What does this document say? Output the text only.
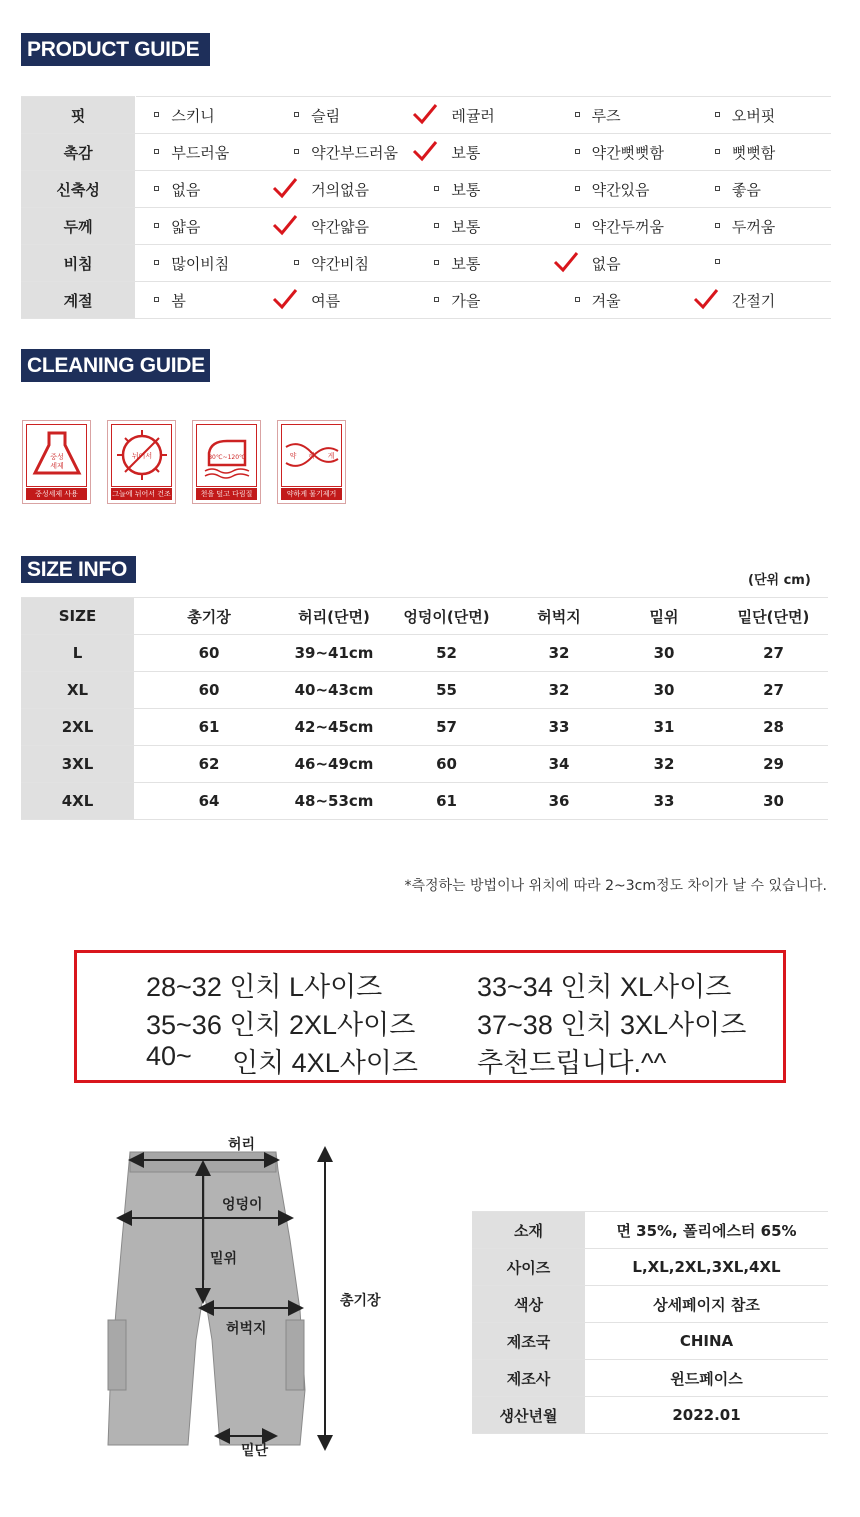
PRODUCT GUIDE
핏	스키니	슬림	레귤러	루즈	오버핏
촉감	부드러움	약간부드러움	보통	약간뻣뻣함	뻣뻣함
신축성	없음	거의없음	보통	약간있음	좋음
두께	얇음	약간얇음	보통	약간두꺼움	두꺼움
비침	많이비침	약간비침	보통	없음	
계절	봄	여름	가을	겨울	간절기
CLEANING GUIDE
중성
세제
중성세제 사용
뉘어서
그늘에 뉘어서 건조
80℃~120℃
천을 덮고 다림질
약 하 게
약하게 물기제거
SIZE INFO	(단위 cm)
SIZE	총기장	허리(단면)	엉덩이(단면)	허벅지	밑위	밑단(단면)
L	60	39~41cm	52	32	30	27
XL	60	40~43cm	55	32	30	27
2XL	61	42~45cm	57	33	31	28
3XL	62	46~49cm	60	34	32	29
4XL	64	48~53cm	61	36	33	30
*측정하는 방법이나 위치에 따라 2~3cm정도 차이가 날 수 있습니다.
28~32 인치 L사이즈	33~34 인치 XL사이즈
35~36 인치 2XL사이즈 37~38 인치 3XL사이즈
40~ 인치 4XL사이즈 추천드립니다.^^
허리
엉덩이
밑위
허벅지
밑단
총기장
소재	면 35%, 폴리에스터 65%
사이즈	L,XL,2XL,3XL,4XL
색상	상세페이지 참조
제조국	CHINA
제조사	윈드페이스
생산년월	2022.01
